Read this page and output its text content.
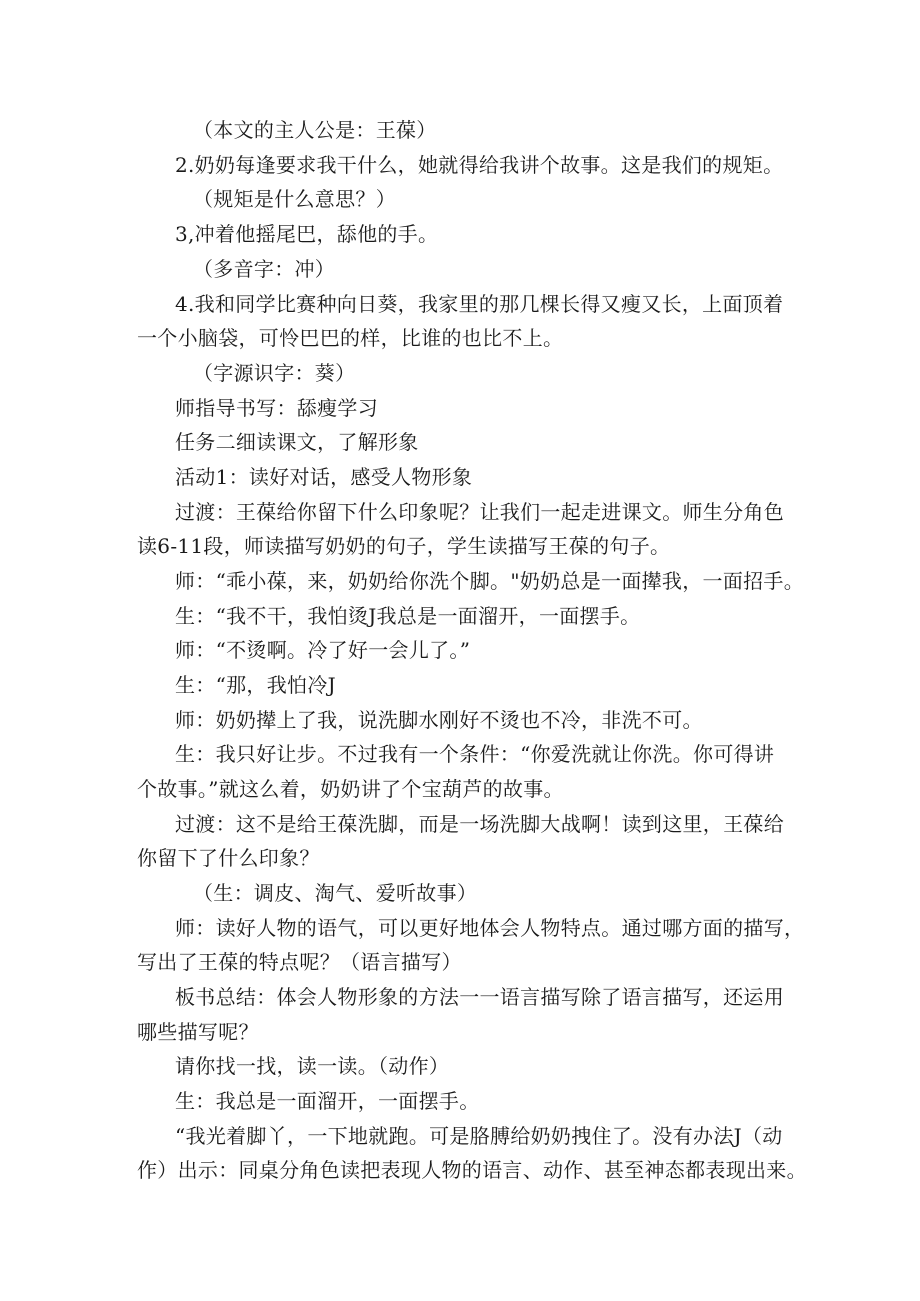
（本文的主人公是：王葆）
2.奶奶每逢要求我干什么，她就得给我讲个故事。这是我们的规矩。
（规矩是什么意思？）
3,冲着他摇尾巴，舔他的手。
（多音字：冲）
4.我和同学比赛种向日葵，我家里的那几棵长得又瘦又长，上面顶着
一个小脑袋，可怜巴巴的样，比谁的也比不上。
（字源识字：葵）
师指导书写：舔瘦学习
任务二细读课文，了解形象
活动1：读好对话，感受人物形象
过渡：王葆给你留下什么印象呢？让我们一起走进课文。师生分角色
读6-11段，师读描写奶奶的句子，学生读描写王葆的句子。
师：“乖小葆，来，奶奶给你洗个脚。"奶奶总是一面撵我，一面招手。
生：“我不干，我怕烫J我总是一面溜开，一面摆手。
师：“不烫啊。冷了好一会儿了。”
生：“那，我怕冷J
师：奶奶撵上了我，说洗脚水刚好不烫也不冷，非洗不可。
生：我只好让步。不过我有一个条件：“你爱洗就让你洗。你可得讲
个故事。”就这么着，奶奶讲了个宝葫芦的故事。
过渡：这不是给王葆洗脚，而是一场洗脚大战啊！读到这里，王葆给
你留下了什么印象？
（生：调皮、淘气、爱听故事）
师：读好人物的语气，可以更好地体会人物特点。通过哪方面的描写，
写出了王葆的特点呢？（语言描写）
板书总结：体会人物形象的方法一一语言描写除了语言描写，还运用
哪些描写呢？
请你找一找，读一读。（动作）
生：我总是一面溜开，一面摆手。
“我光着脚丫，一下地就跑。可是胳膊给奶奶拽住了。没有办法J（动
作）出示：同桌分角色读把表现人物的语言、动作、甚至神态都表现出来。
